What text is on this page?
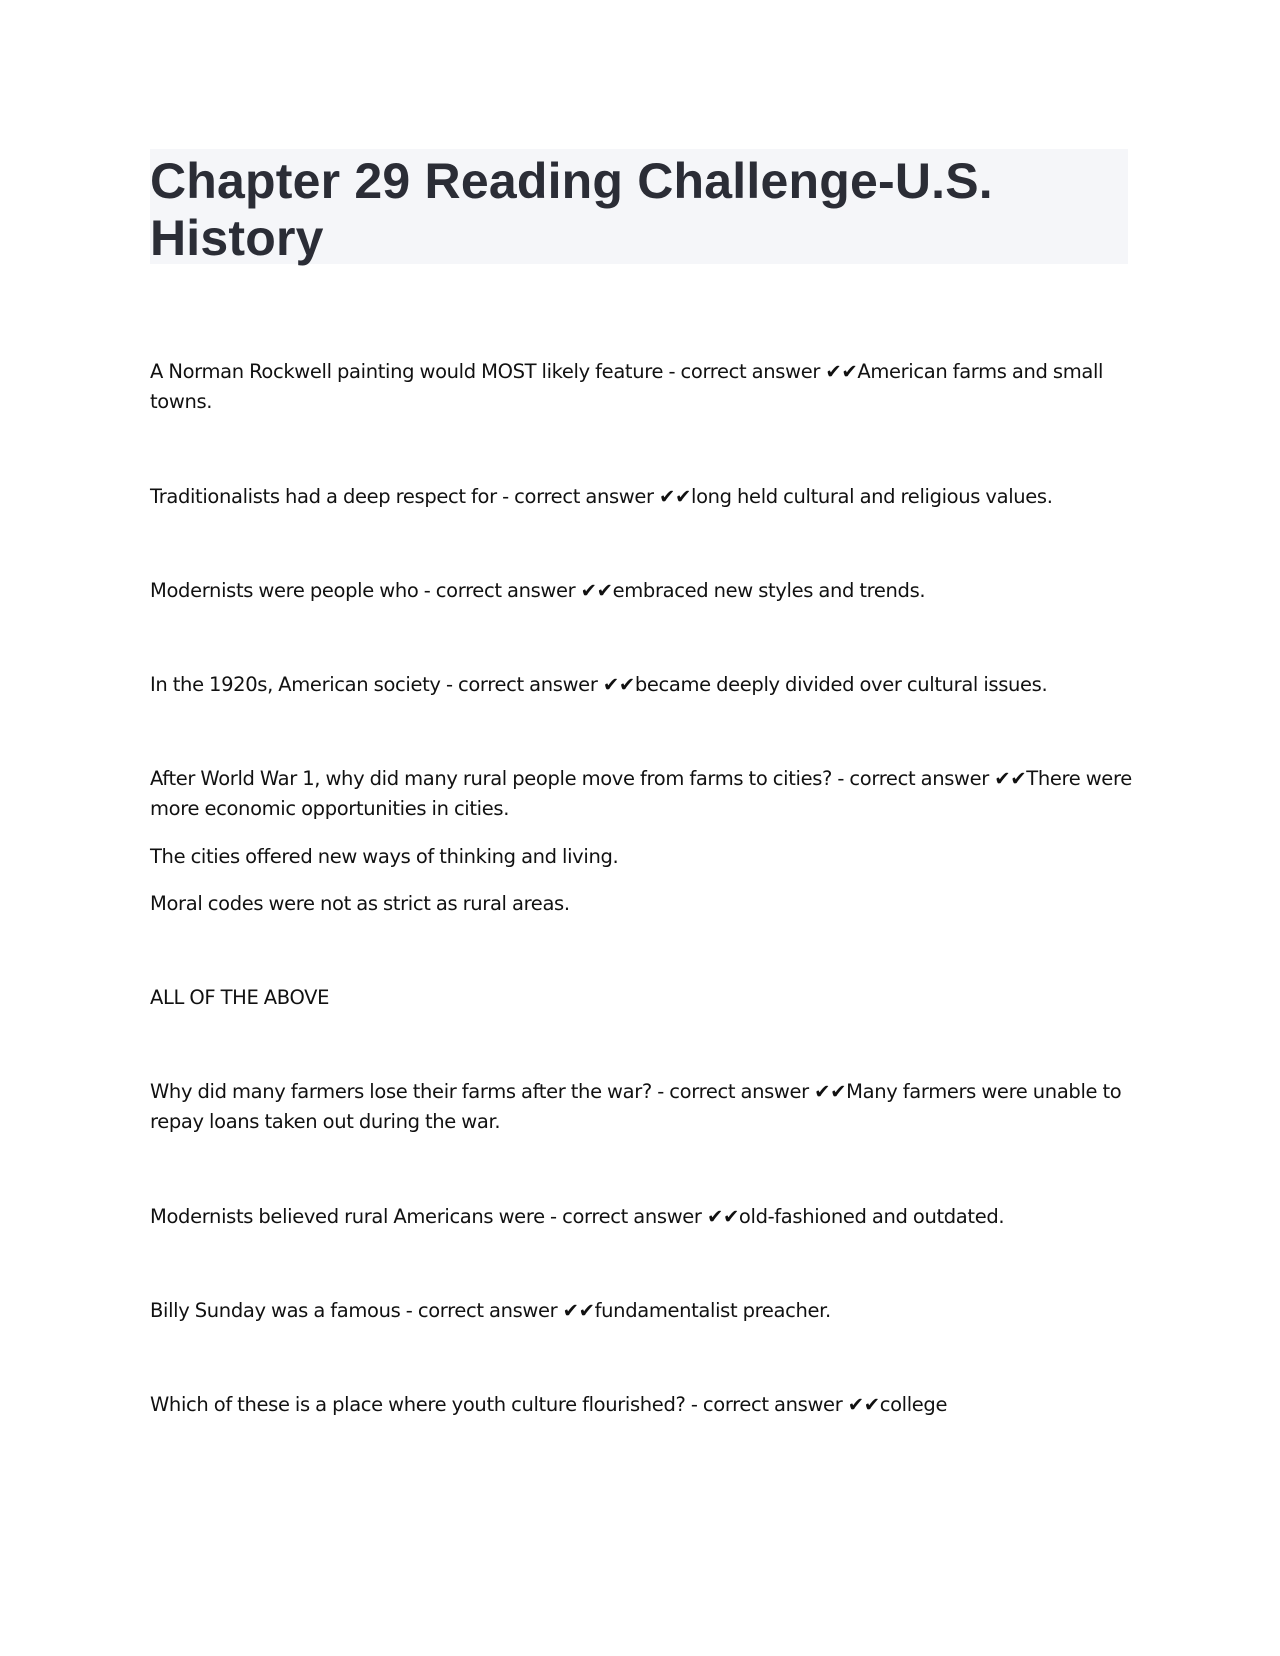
Chapter 29 Reading Challenge-U.S. History

A Norman Rockwell painting would MOST likely feature - correct answer ✔✔American farms and small towns.

Traditionalists had a deep respect for - correct answer ✔✔long held cultural and religious values.

Modernists were people who - correct answer ✔✔embraced new styles and trends.

In the 1920s, American society - correct answer ✔✔became deeply divided over cultural issues.

After World War 1, why did many rural people move from farms to cities? - correct answer ✔✔There were more economic opportunities in cities.

The cities offered new ways of thinking and living.

Moral codes were not as strict as rural areas.

ALL OF THE ABOVE

Why did many farmers lose their farms after the war? - correct answer ✔✔Many farmers were unable to repay loans taken out during the war.

Modernists believed rural Americans were - correct answer ✔✔old-fashioned and outdated.

Billy Sunday was a famous - correct answer ✔✔fundamentalist preacher.

Which of these is a place where youth culture flourished? - correct answer ✔✔college
